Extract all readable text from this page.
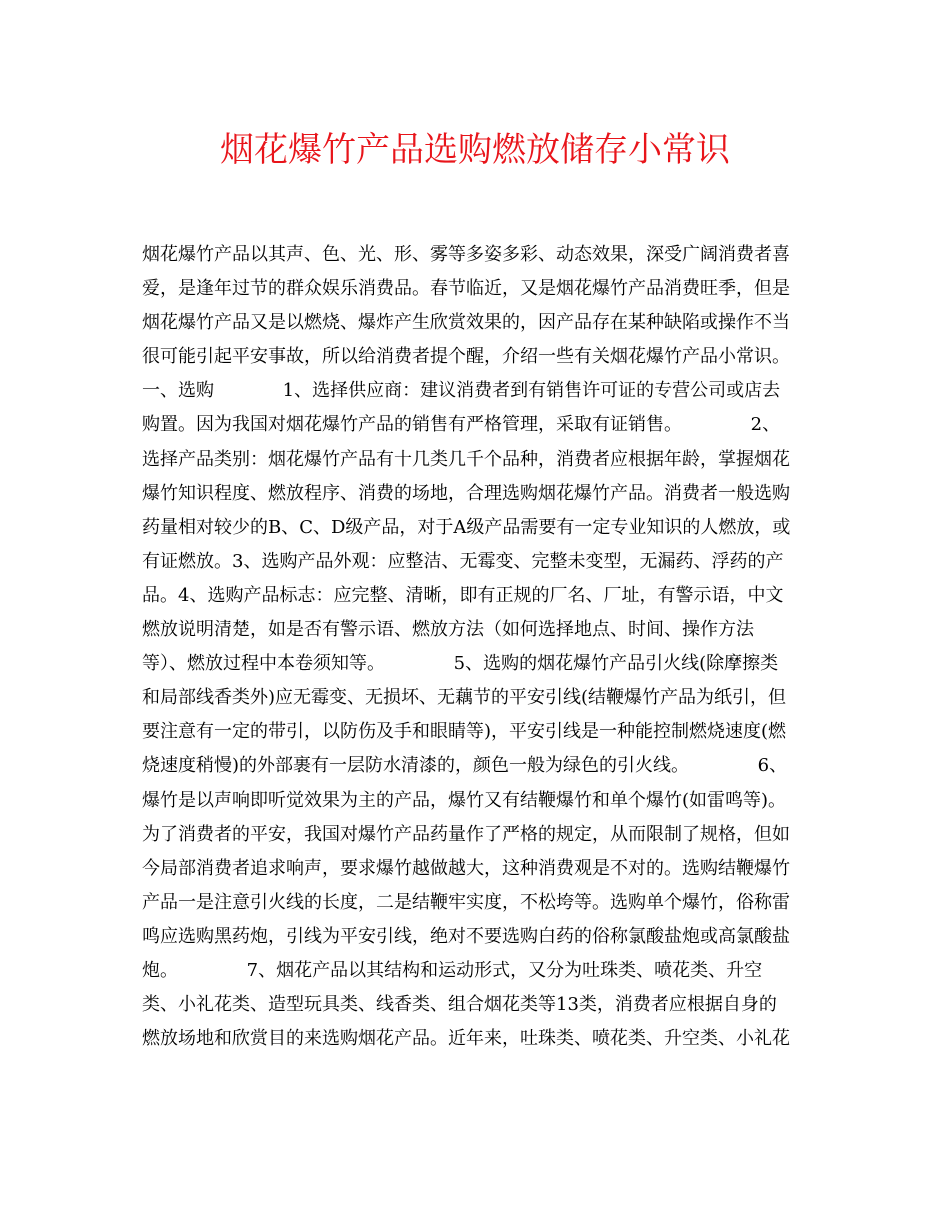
烟花爆竹产品选购燃放储存小常识

烟花爆竹产品以其声、色、光、形、雾等多姿多彩、动态效果，深受广阔消费者喜

爱，是逢年过节的群众娱乐消费品。春节临近，又是烟花爆竹产品消费旺季，但是

烟花爆竹产品又是以燃烧、爆炸产生欣赏效果的，因产品存在某种缺陷或操作不当

很可能引起平安事故，所以给消费者提个醒，介绍一些有关烟花爆竹产品小常识。

一、选购            1、选择供应商：建议消费者到有销售许可证的专营公司或店去

购置。因为我国对烟花爆竹产品的销售有严格管理，采取有证销售。            2、

选择产品类别：烟花爆竹产品有十几类几千个品种，消费者应根据年龄，掌握烟花

爆竹知识程度、燃放程序、消费的场地，合理选购烟花爆竹产品。消费者一般选购

药量相对较少的B、C、D级产品，对于A级产品需要有一定专业知识的人燃放，或

有证燃放。3、选购产品外观：应整洁、无霉变、完整未变型，无漏药、浮药的产

品。4、选购产品标志：应完整、清晰，即有正规的厂名、厂址，有警示语，中文

燃放说明清楚，如是否有警示语、燃放方法（如何选择地点、时间、操作方法

等）、燃放过程中本卷须知等。            5、选购的烟花爆竹产品引火线(除摩擦类

和局部线香类外)应无霉变、无损坏、无藕节的平安引线(结鞭爆竹产品为纸引，但

要注意有一定的带引，以防伤及手和眼睛等)，平安引线是一种能控制燃烧速度(燃

烧速度稍慢)的外部裹有一层防水清漆的，颜色一般为绿色的引火线。            6、

爆竹是以声响即听觉效果为主的产品，爆竹又有结鞭爆竹和单个爆竹(如雷鸣等)。

为了消费者的平安，我国对爆竹产品药量作了严格的规定，从而限制了规格，但如

今局部消费者追求响声，要求爆竹越做越大，这种消费观是不对的。选购结鞭爆竹

产品一是注意引火线的长度，二是结鞭牢实度，不松垮等。选购单个爆竹，俗称雷

鸣应选购黑药炮，引线为平安引线，绝对不要选购白药的俗称氯酸盐炮或高氯酸盐

炮。            7、烟花产品以其结构和运动形式，又分为吐珠类、喷花类、升空

类、小礼花类、造型玩具类、线香类、组合烟花类等13类，消费者应根据自身的

燃放场地和欣赏目的来选购烟花产品。近年来，吐珠类、喷花类、升空类、小礼花
